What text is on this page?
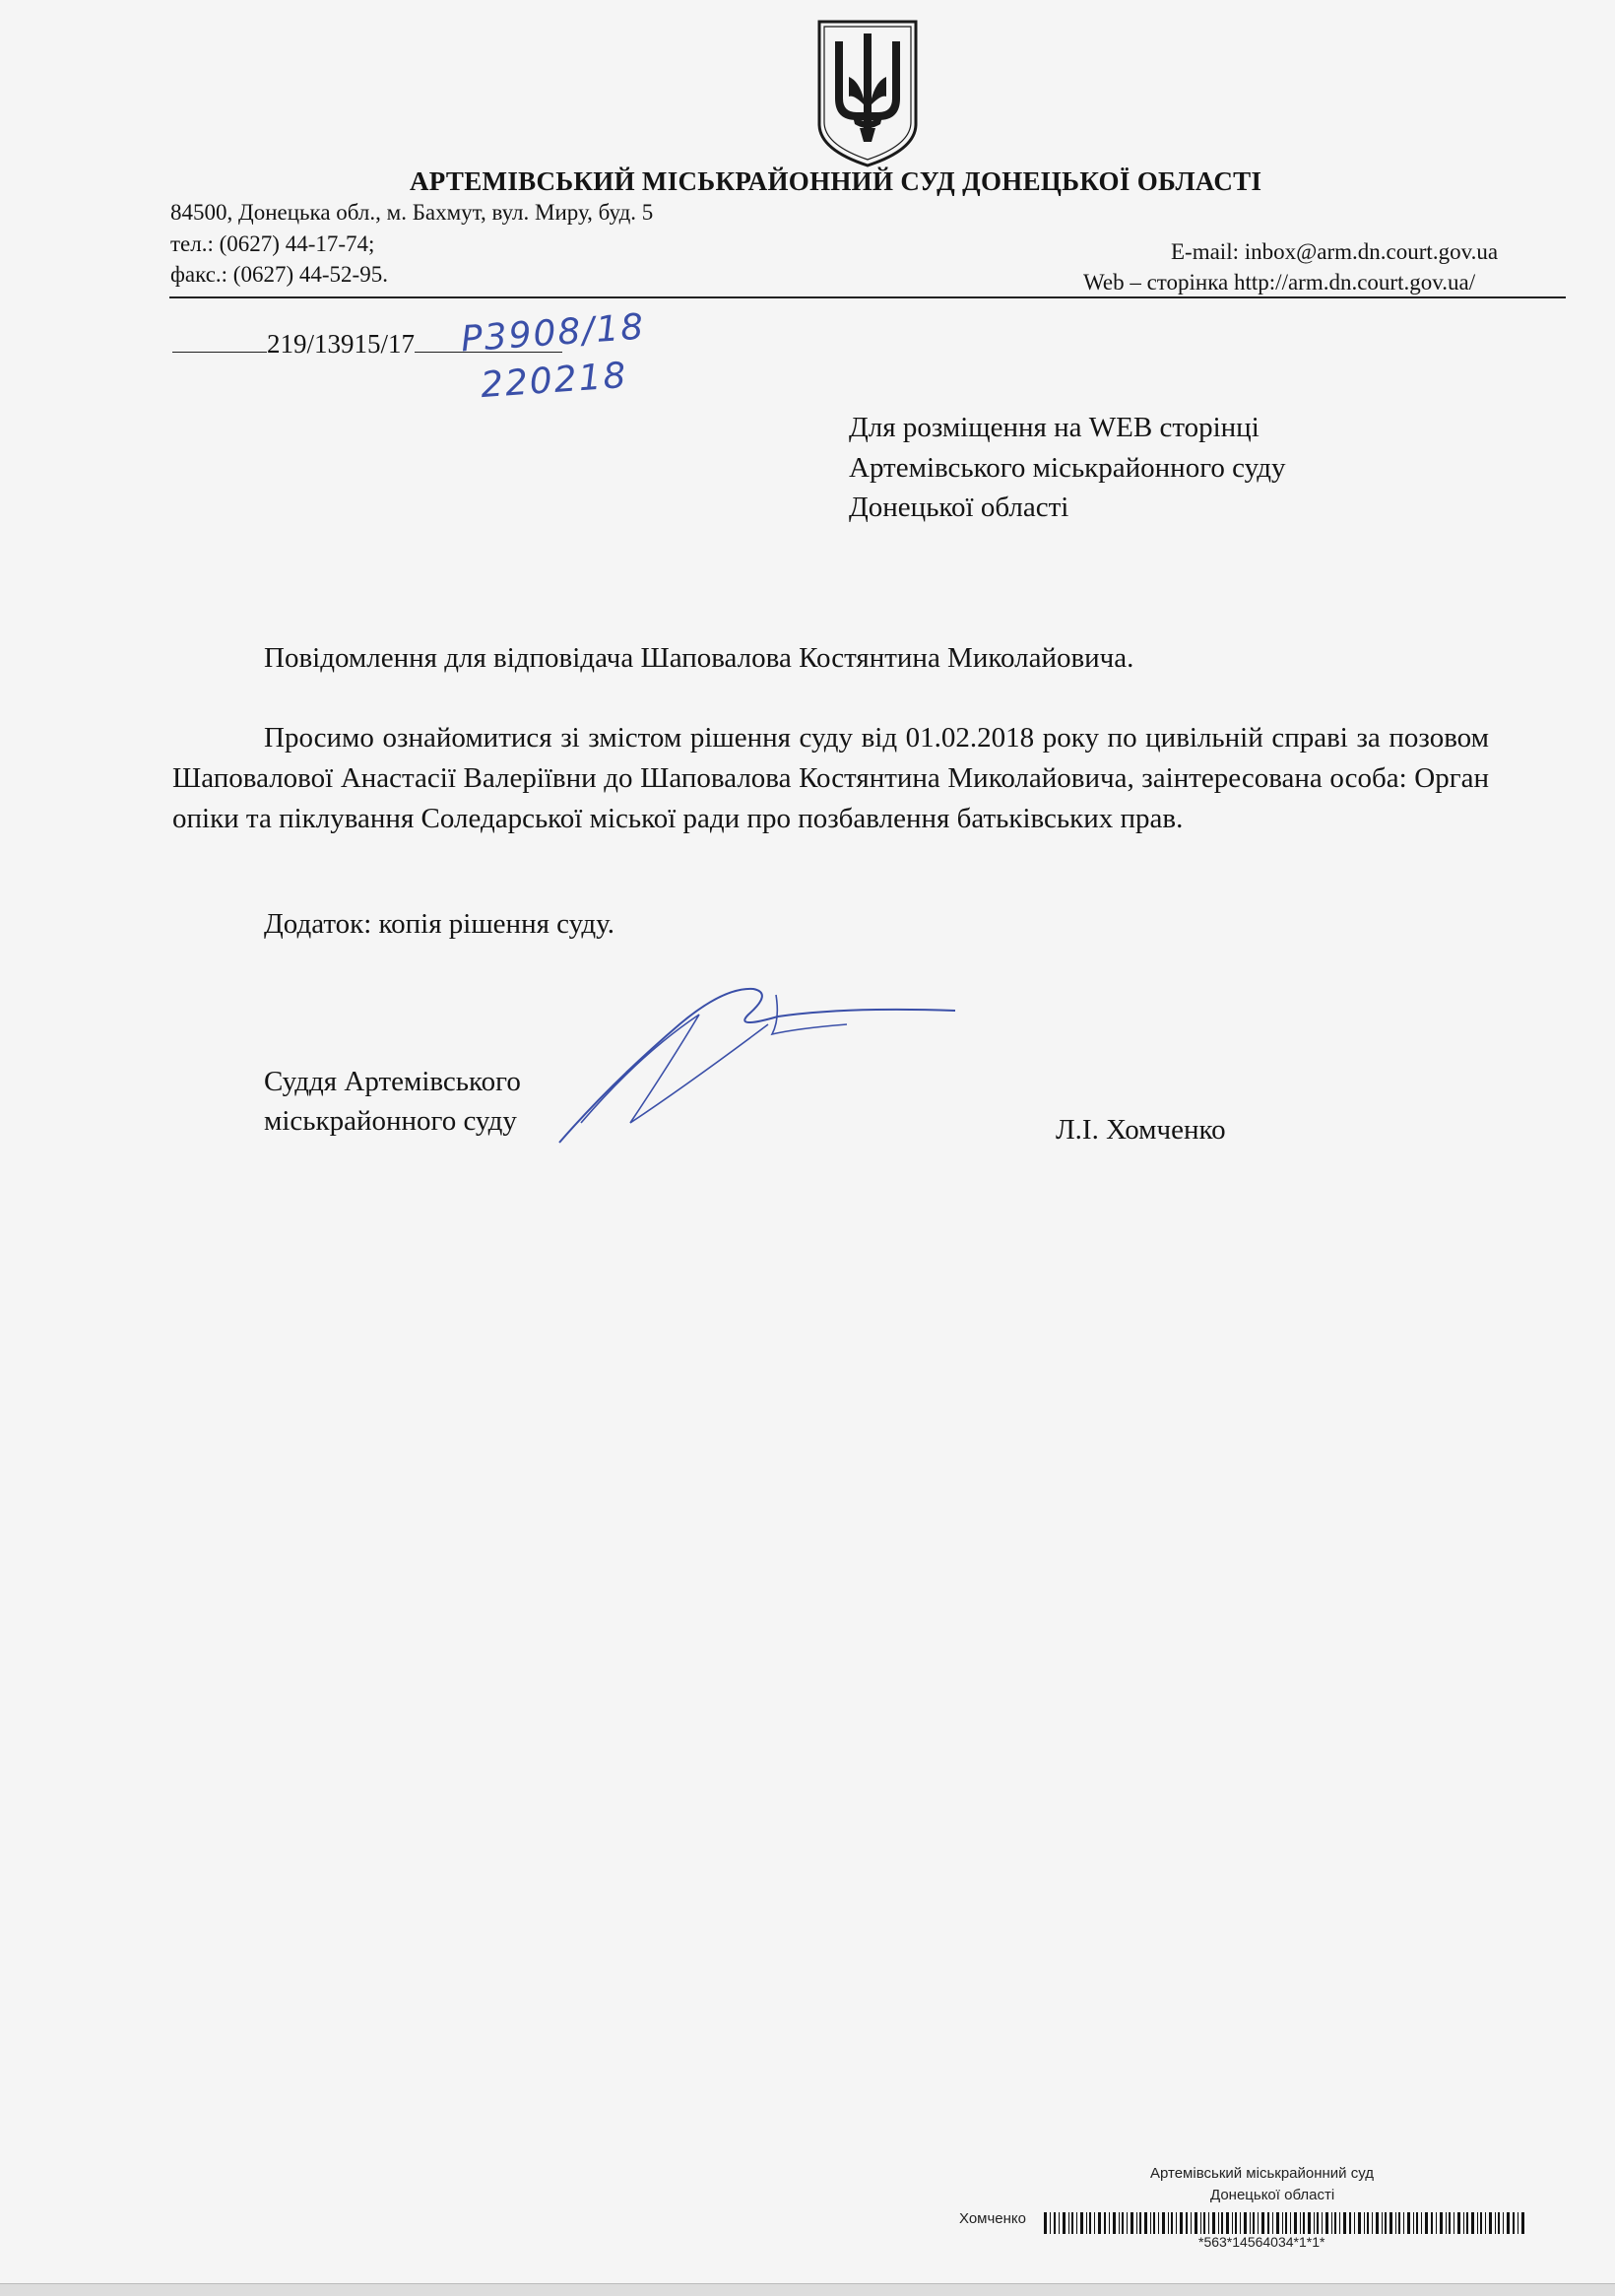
АРТЕМІВСЬКИЙ МІСЬКРАЙОННИЙ СУД ДОНЕЦЬКОЇ ОБЛАСТІ
84500, Донецька обл., м. Бахмут, вул. Миру, буд. 5
тел.: (0627) 44-17-74;
факс.: (0627) 44-52-95.
E-mail: inbox@arm.dn.court.gov.ua
Web – сторінка http://arm.dn.court.gov.ua/
219/13915/17	Р3908/18
220218
Для розміщення на WEB сторінці
Артемівського міськрайонного суду
Донецької області
Повідомлення для відповідача Шаповалова Костянтина Миколайовича.
Просимо ознайомитися зі змістом рішення суду від 01.02.2018 року по цивільній справі за позовом Шаповалової Анастасії Валеріївни до Шаповалова Костянтина Миколайовича, заінтересована особа: Орган опіки та піклування Соледарської міської ради про позбавлення батьківських прав.
Додаток: копія рішення суду.
Суддя Артемівського
міськрайонного суду	Л.І. Хомченко
Артемівський міськрайонний суд
Донецької області
Хомченко
*563*14564034*1*1*
